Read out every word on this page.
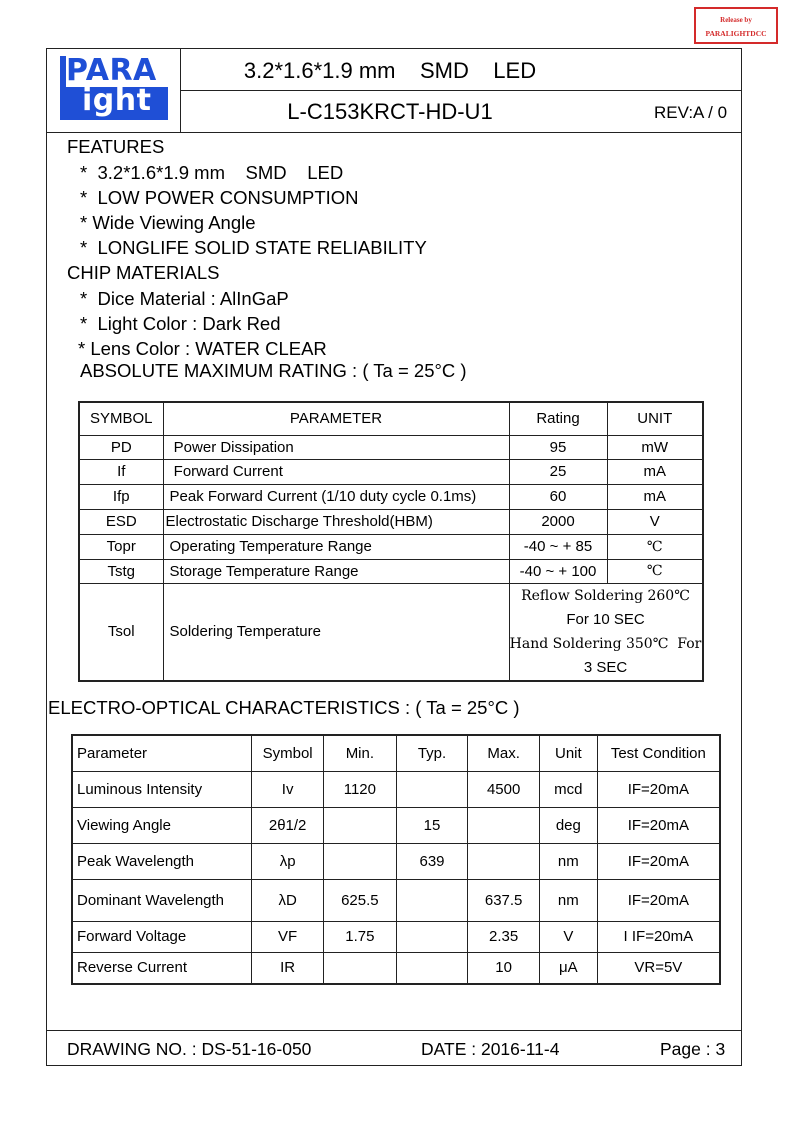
Release by
PARALIGHTDCC
PARA
ight
3.2*1.6*1.9 mm    SMD    LED
L-C153KRCT-HD-U1	REV:A / 0
FEATURES
*  3.2*1.6*1.9 mm    SMD    LED
*  LOW POWER CONSUMPTION
* Wide Viewing Angle
*  LONGLIFE SOLID STATE RELIABILITY
CHIP MATERIALS
*  Dice Material : AlInGaP
*  Light Color : Dark Red
* Lens Color : WATER CLEAR
ABSOLUTE MAXIMUM RATING : ( Ta = 25°C )
SYMBOL	PARAMETER	Rating	UNIT
PD	Power Dissipation	95	mW
If	Forward Current	25	mA
Ifp	Peak Forward Current (1/10 duty cycle 0.1ms)	60	mA
ESD	Electrostatic Discharge Threshold(HBM)	2000	V
Topr	Operating Temperature Range	-40 ~ + 85	℃
Tstg	Storage Temperature Range	-40 ~ + 100	℃
Tsol	Soldering Temperature	Reflow Soldering 260℃
For 10 SEC
Hand Soldering 350℃  For
3 SEC	
ELECTRO-OPTICAL CHARACTERISTICS : ( Ta = 25°C )
Parameter	Symbol	Min.	Typ.	Max.	Unit	Test Condition
Luminous Intensity	Iv	1120		4500	mcd	IF=20mA
Viewing Angle	2θ1/2		15		deg	IF=20mA
Peak Wavelength	λp		639		nm	IF=20mA
Dominant Wavelength	λD	625.5		637.5	nm	IF=20mA
Forward Voltage	VF	1.75		2.35	V	I IF=20mA
Reverse Current	IR			10	μA	VR=5V
DRAWING NO. : DS-51-16-050	DATE : 2016-11-4	Page : 3
